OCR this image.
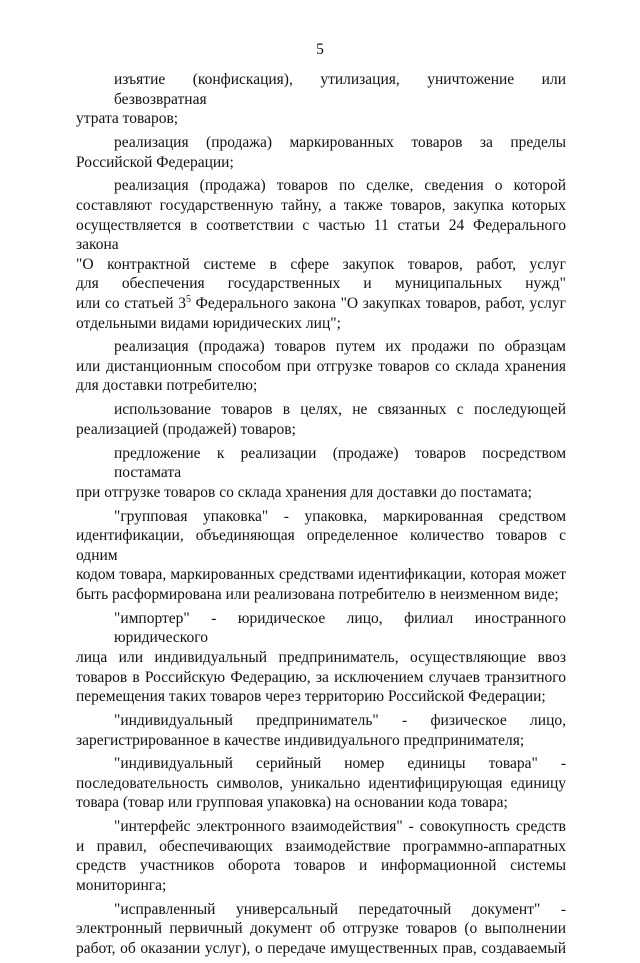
5
изъятие (конфискация), утилизация, уничтожение или безвозвратная
утрата товаров;
реализация (продажа) маркированных товаров за пределы
Российской Федерации;
реализация (продажа) товаров по сделке, сведения о которой
составляют государственную тайну, а также товаров, закупка которых
осуществляется в соответствии с частью 11 статьи 24 Федерального закона
"О контрактной системе в сфере закупок товаров, работ, услуг
для обеспечения государственных и муниципальных нужд"
или со статьей $3^5$ Федерального закона "О закупках товаров, работ, услуг
отдельными видами юридических лиц";
реализация (продажа) товаров путем их продажи по образцам
или дистанционным способом при отгрузке товаров со склада хранения
для доставки потребителю;
использование товаров в целях, не связанных с последующей
реализацией (продажей) товаров;
предложение к реализации (продаже) товаров посредством постамата
при отгрузке товаров со склада хранения для доставки до постамата;
"групповая упаковка" - упаковка, маркированная средством
идентификации, объединяющая определенное количество товаров с одним
кодом товара, маркированных средствами идентификации, которая может
быть расформирована или реализована потребителю в неизменном виде;
"импортер" - юридическое лицо, филиал иностранного юридического
лица или индивидуальный предприниматель, осуществляющие ввоз
товаров в Российскую Федерацию, за исключением случаев транзитного
перемещения таких товаров через территорию Российской Федерации;
"индивидуальный предприниматель" - физическое лицо,
зарегистрированное в качестве индивидуального предпринимателя;
"индивидуальный серийный номер единицы товара" -
последовательность символов, уникально идентифицирующая единицу
товара (товар или групповая упаковка) на основании кода товара;
"интерфейс электронного взаимодействия" - совокупность средств
и правил, обеспечивающих взаимодействие программно-аппаратных
средств участников оборота товаров и информационной системы
мониторинга;
"исправленный универсальный передаточный документ" -
электронный первичный документ об отгрузке товаров (о выполнении
работ, об оказании услуг), о передаче имущественных прав, создаваемый
